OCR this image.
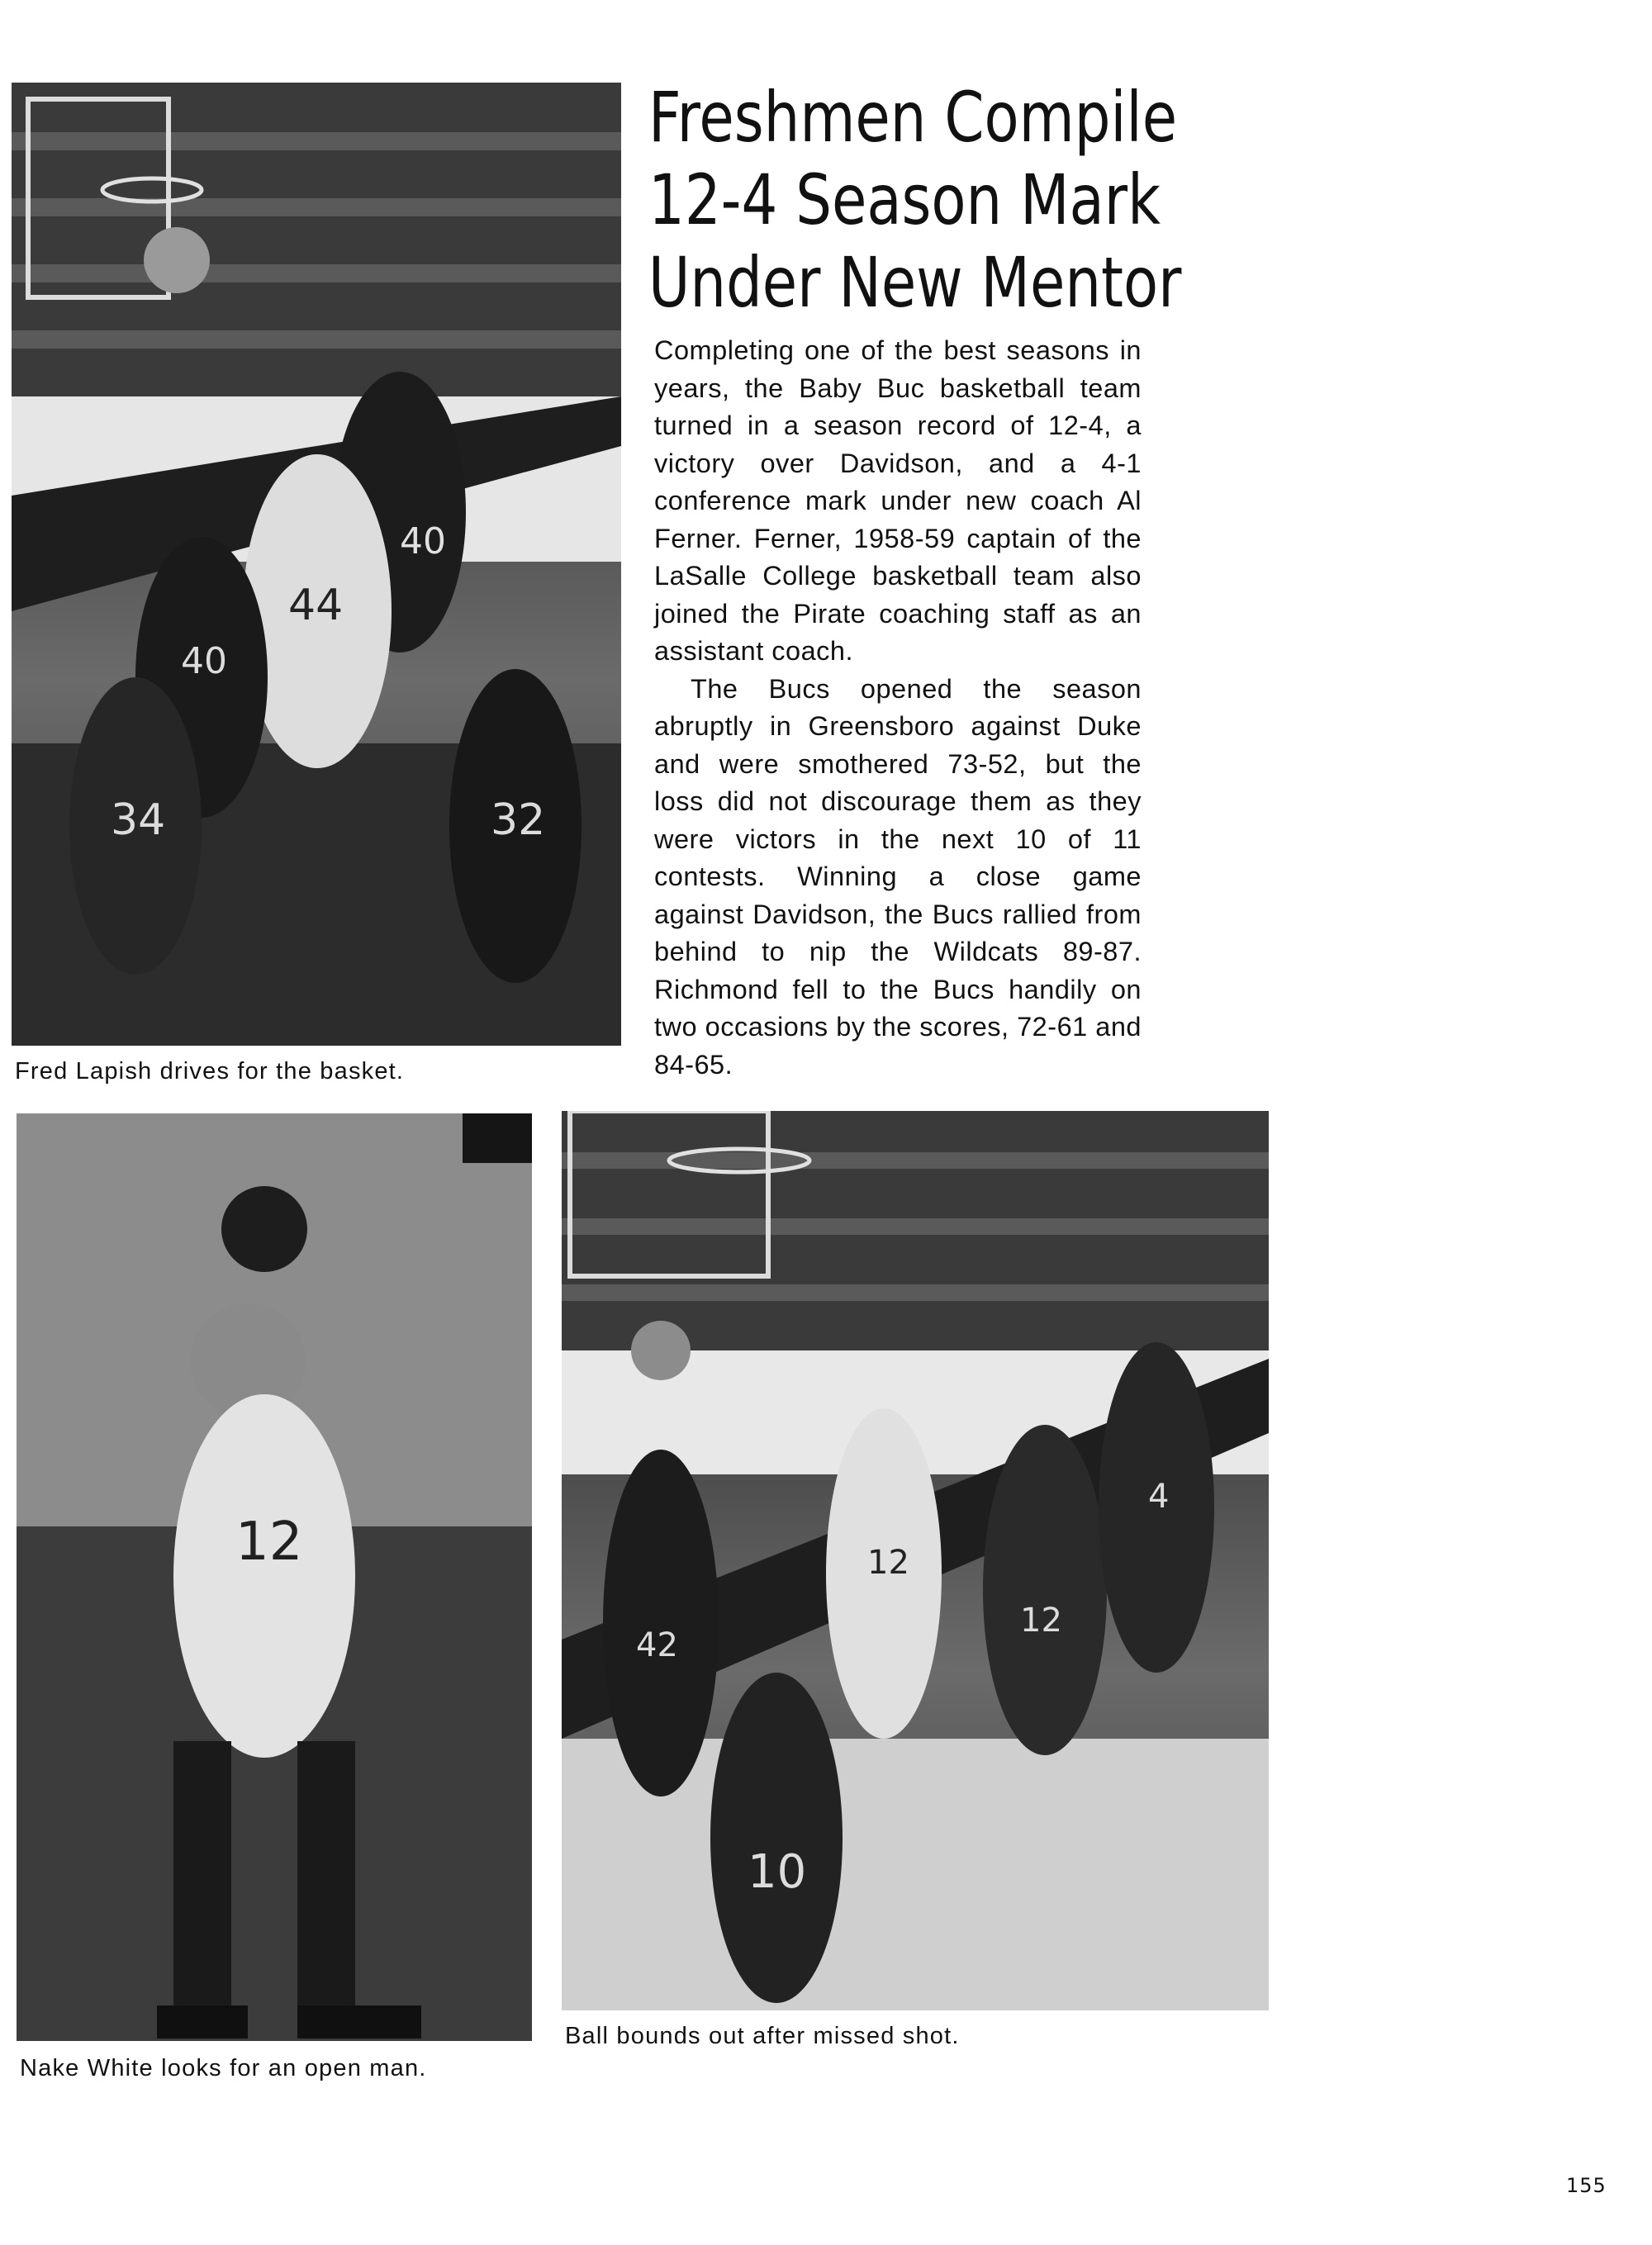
40
44
40
34	32
Fred Lapish drives for the basket.
Freshmen Compile
12-4 Season Mark
Under New Mentor

Completing one of the best seasons in years, the Baby Buc basketball team turned in a season record of 12-4, a victory over Davidson, and a 4-1 conference mark under new coach Al Ferner. Ferner, 1958-59 captain of the LaSalle College basketball team also joined the Pirate coaching staff as an assistant coach.

The Bucs opened the season abruptly in Greensboro against Duke and were smothered 73-52, but the loss did not discourage them as they were victors in the next 10 of 11 contests. Winning a close game against Davidson, the Bucs rallied from behind to nip the Wildcats 89-87. Richmond fell to the Bucs handily on two occasions by the scores, 72-61 and 84-65.

12
Nake White looks for an open man.
12
42
12
4
10
Ball bounds out after missed shot.
155
